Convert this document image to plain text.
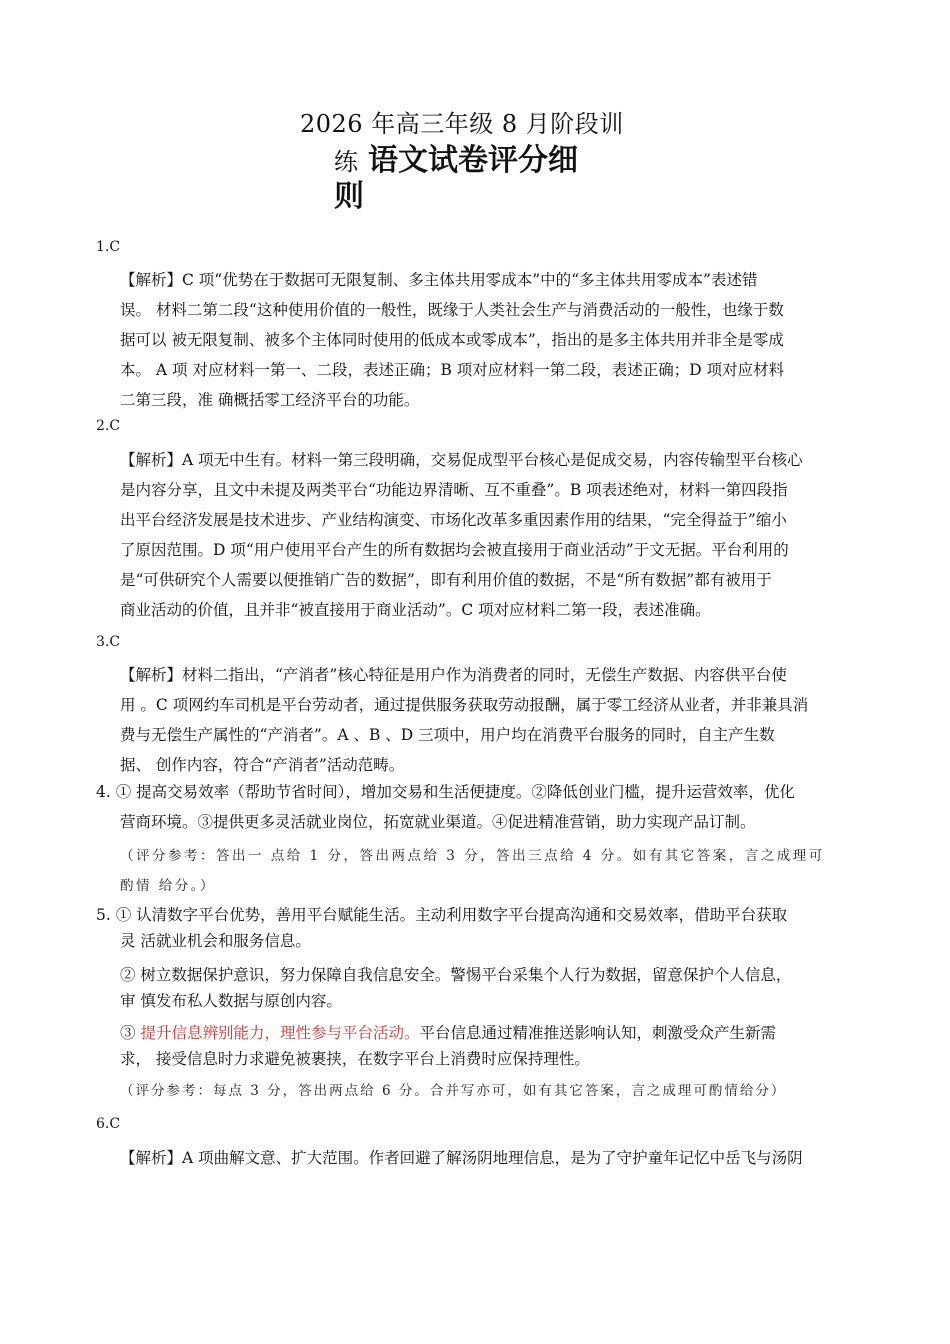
2026 年高三年级 8 月阶段训
练 语文试卷评分细
则
1.C
【解析】C 项“优势在于数据可无限复制、多主体共用零成本”中的“多主体共用零成本”表述错
误。 材料二第二段“这种使用价值的一般性，既缘于人类社会生产与消费活动的一般性，也缘于数
据可以 被无限复制、被多个主体同时使用的低成本或零成本”，指出的是多主体共用并非全是零成
本。 A 项 对应材料一第一、二段，表述正确；B 项对应材料一第二段，表述正确；D 项对应材料
二第三段，准 确概括零工经济平台的功能。
2.C
【解析】A 项无中生有。材料一第三段明确，交易促成型平台核心是促成交易，内容传输型平台核心
是内容分享，且文中未提及两类平台“功能边界清晰、互不重叠”。B 项表述绝对，材料一第四段指
出平台经济发展是技术进步、产业结构演变、市场化改革多重因素作用的结果，“完全得益于”缩小
了原因范围。D 项“用户使用平台产生的所有数据均会被直接用于商业活动”于文无据。平台利用的
是“可供研究个人需要以便推销广告的数据”，即有利用价值的数据，不是“所有数据”都有被用于
商业活动的价值，且并非“被直接用于商业活动”。C 项对应材料二第一段，表述准确。
3.C
【解析】材料二指出，“产消者”核心特征是用户作为消费者的同时，无偿生产数据、内容供平台使
用 。C 项网约车司机是平台劳动者，通过提供服务获取劳动报酬，属于零工经济从业者，并非兼具消
费与无偿生产属性的“产消者”。A 、B 、D 三项中，用户均在消费平台服务的同时，自主产生数
据、 创作内容，符合“产消者”活动范畴。
4. ① 提高交易效率（帮助节省时间），增加交易和生活便捷度。②降低创业门槛，提升运营效率，优化
营商环境。③提供更多灵活就业岗位，拓宽就业渠道。④促进精准营销，助力实现产品订制。
（评分参考：答出一 点给 1 分，答出两点给 3 分，答出三点给 4 分。如有其它答案，言之成理可
酌情 给分。）
5. ① 认清数字平台优势，善用平台赋能生活。主动利用数字平台提高沟通和交易效率，借助平台获取
灵 活就业机会和服务信息。
② 树立数据保护意识，努力保障自我信息安全。警惕平台采集个人行为数据，留意保护个人信息，
审 慎发布私人数据与原创内容。
③ 提升信息辨别能力，理性参与平台活动。平台信息通过精准推送影响认知，刺激受众产生新需
求， 接受信息时力求避免被裹挟，在数字平台上消费时应保持理性。
（评分参考：每点 3 分，答出两点给 6 分。合并写亦可，如有其它答案，言之成理可酌情给分）
6.C
【解析】A 项曲解文意、扩大范围。作者回避了解汤阴地理信息，是为了守护童年记忆中岳飞与汤阴
